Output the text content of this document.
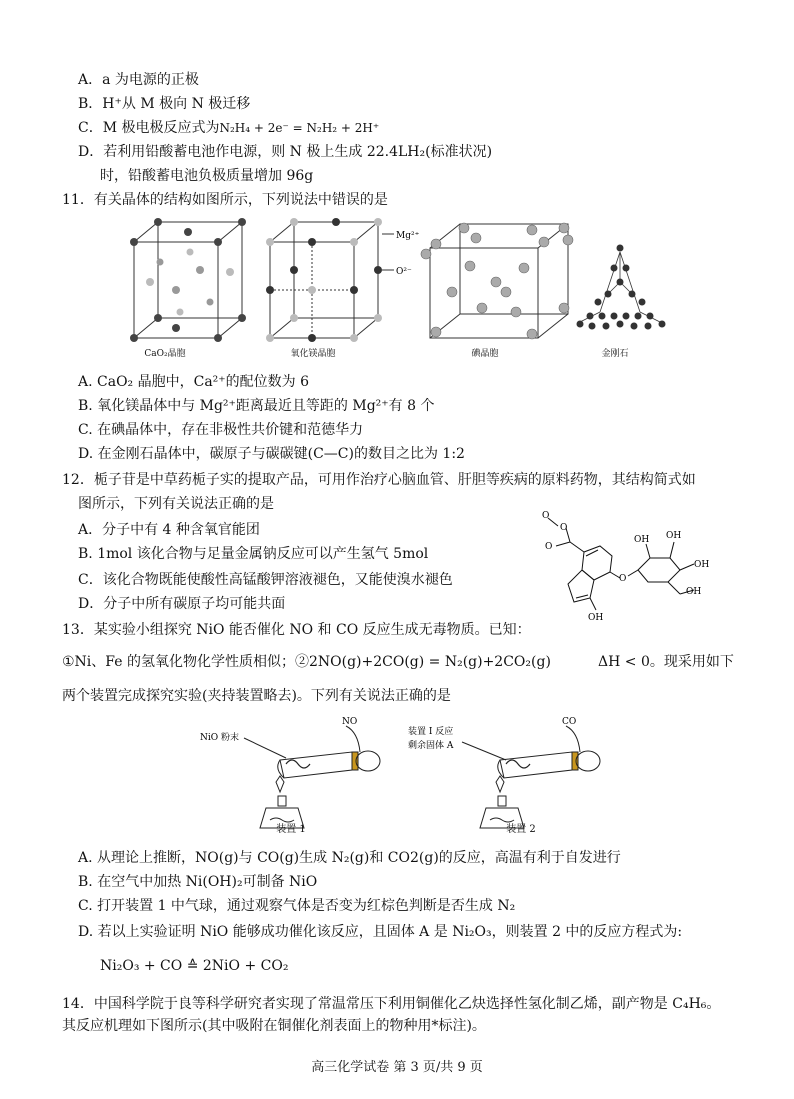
A．a 为电源的正极
B．H⁺从 M 极向 N 极迁移
C．M 极电极反应式为N₂H₄ + 2e⁻ = N₂H₂ + 2H⁺
D．若利用铅酸蓄电池作电源，则 N 极上生成 22.4LH₂(标准状况)
时，铅酸蓄电池负极质量增加 96g
11．有关晶体的结构如图所示，下列说法中错误的是
Mg²⁺
O²⁻
CaO₂晶胞	氧化镁晶胞	碘晶胞	金刚石
A. CaO₂ 晶胞中，Ca²⁺的配位数为 6
B. 氧化镁晶体中与 Mg²⁺距离最近且等距的 Mg²⁺有 8 个
C. 在碘晶体中，存在非极性共价键和范德华力
D. 在金刚石晶体中，碳原子与碳碳键(C—C)的数目之比为 1:2
12．栀子苷是中草药栀子实的提取产品，可用作治疗心脑血管、肝胆等疾病的原料药物，其结构简式如
图所示，下列有关说法正确的是
A．分子中有 4 种含氧官能团
B. 1mol 该化合物与足量金属钠反应可以产生氢气 5mol
C．该化合物既能使酸性高锰酸钾溶液褪色，又能使溴水褪色
D．分子中所有碳原子均可能共面
O
O
O
O
OH OH
OH
OH
OH
13．某实验小组探究 NiO 能否催化 NO 和 CO 反应生成无毒物质。已知：
①Ni、Fe 的氢氧化物化学性质相似；②2NO(g)+2CO(g) = N₂(g)+2CO₂(g)	ΔH < 0。现采用如下
两个装置完成探究实验(夹持装置略去)。下列有关说法正确的是
NiO 粉末
NO
装置 I 反应
剩余固体 A
CO
装置 1	装置 2
A. 从理论上推断，NO(g)与 CO(g)生成 N₂(g)和 CO2(g)的反应，高温有利于自发进行
B. 在空气中加热 Ni(OH)₂可制备 NiO
C. 打开装置 1 中气球，通过观察气体是否变为红棕色判断是否生成 N₂
D. 若以上实验证明 NiO 能够成功催化该反应，且固体 A 是 Ni₂O₃，则装置 2 中的反应方程式为:
Ni₂O₃ + CO ≙ 2NiO + CO₂
14．中国科学院于良等科学研究者实现了常温常压下利用铜催化乙炔选择性氢化制乙烯，副产物是 C₄H₆。
其反应机理如下图所示(其中吸附在铜催化剂表面上的物种用*标注)。
高三化学试卷 第 3 页/共 9 页
